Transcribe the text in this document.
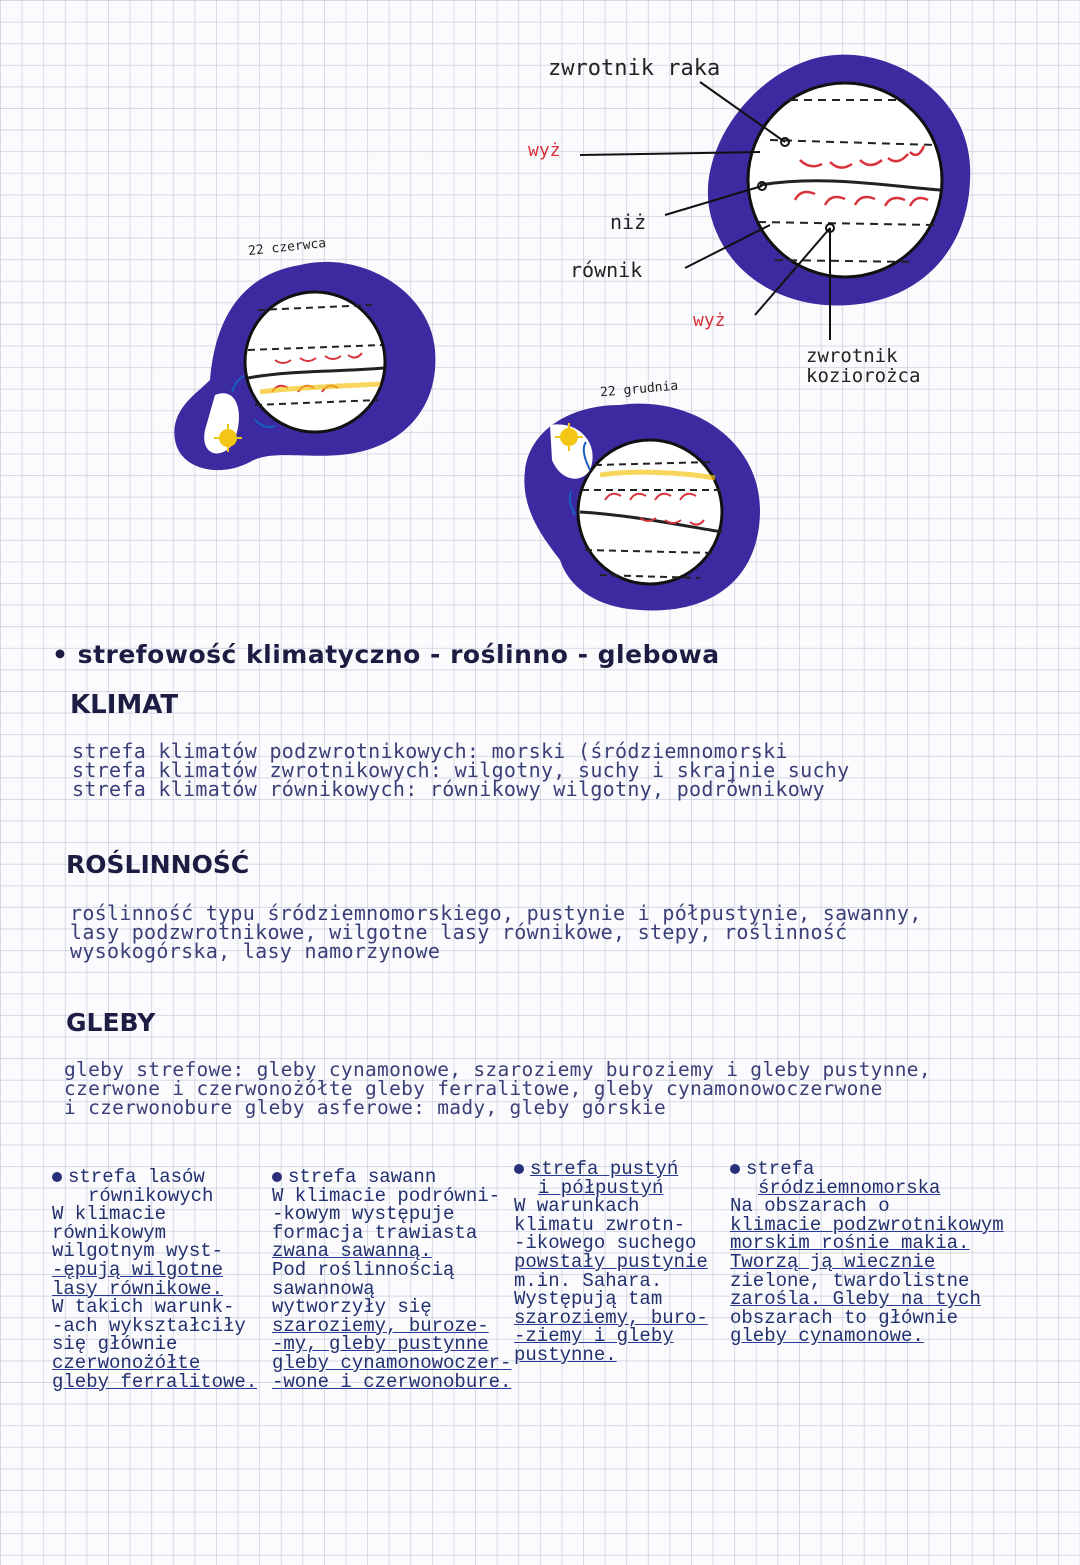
zwrotnik raka
wyż
niż
równik
wyż
zwrotnik
koziorożca
22 czerwca
22 grudnia
• strefowość klimatyczno - roślinno - glebowa
KLIMAT
strefa klimatów podzwrotnikowych: morski (śródziemnomorski
strefa klimatów zwrotnikowych: wilgotny, suchy i skrajnie suchy
strefa klimatów równikowych: równikowy wilgotny, podrównikowy
ROŚLINNOŚĆ
roślinność typu śródziemnomorskiego, pustynie i półpustynie, sawanny,
lasy podzwrotnikowe, wilgotne lasy równikowe, stepy, roślinność
wysokogórska, lasy namorzynowe
GLEBY
gleby strefowe: gleby cynamonowe, szaroziemy buroziemy i gleby pustynne,
czerwone i czerwonożółte gleby ferralitowe, gleby cynamonowoczerwone
i czerwonobure gleby asferowe: mady, gleby górskie
strefa lasów
równikowych
W klimacie
równikowym
wilgotnym wyst-
-ępują wilgotne
lasy równikowe.
W takich warunk-
-ach wykształciły
się głównie
czerwonożółte
gleby ferralitowe.
strefa sawann
W klimacie podrówni-
-kowym występuje
formacja trawiasta
zwana sawanną.
Pod roślinnością
sawannową
wytworzyły się
szaroziemy, buroze-
-my, gleby pustynne
gleby cynamonowoczer-
-wone i czerwonobure.
strefa pustyń
i półpustyń
W warunkach
klimatu zwrotn-
-ikowego suchego
powstały pustynie
m.in. Sahara.
Występują tam
szaroziemy, buro-
-ziemy i gleby
pustynne.
strefa
śródziemnomorska
Na obszarach o
klimacie podzwrotnikowym
morskim rośnie makia.
Tworzą ją wiecznie
zielone, twardolistne
zarośla. Gleby na tych
obszarach to głównie
gleby cynamonowe.
